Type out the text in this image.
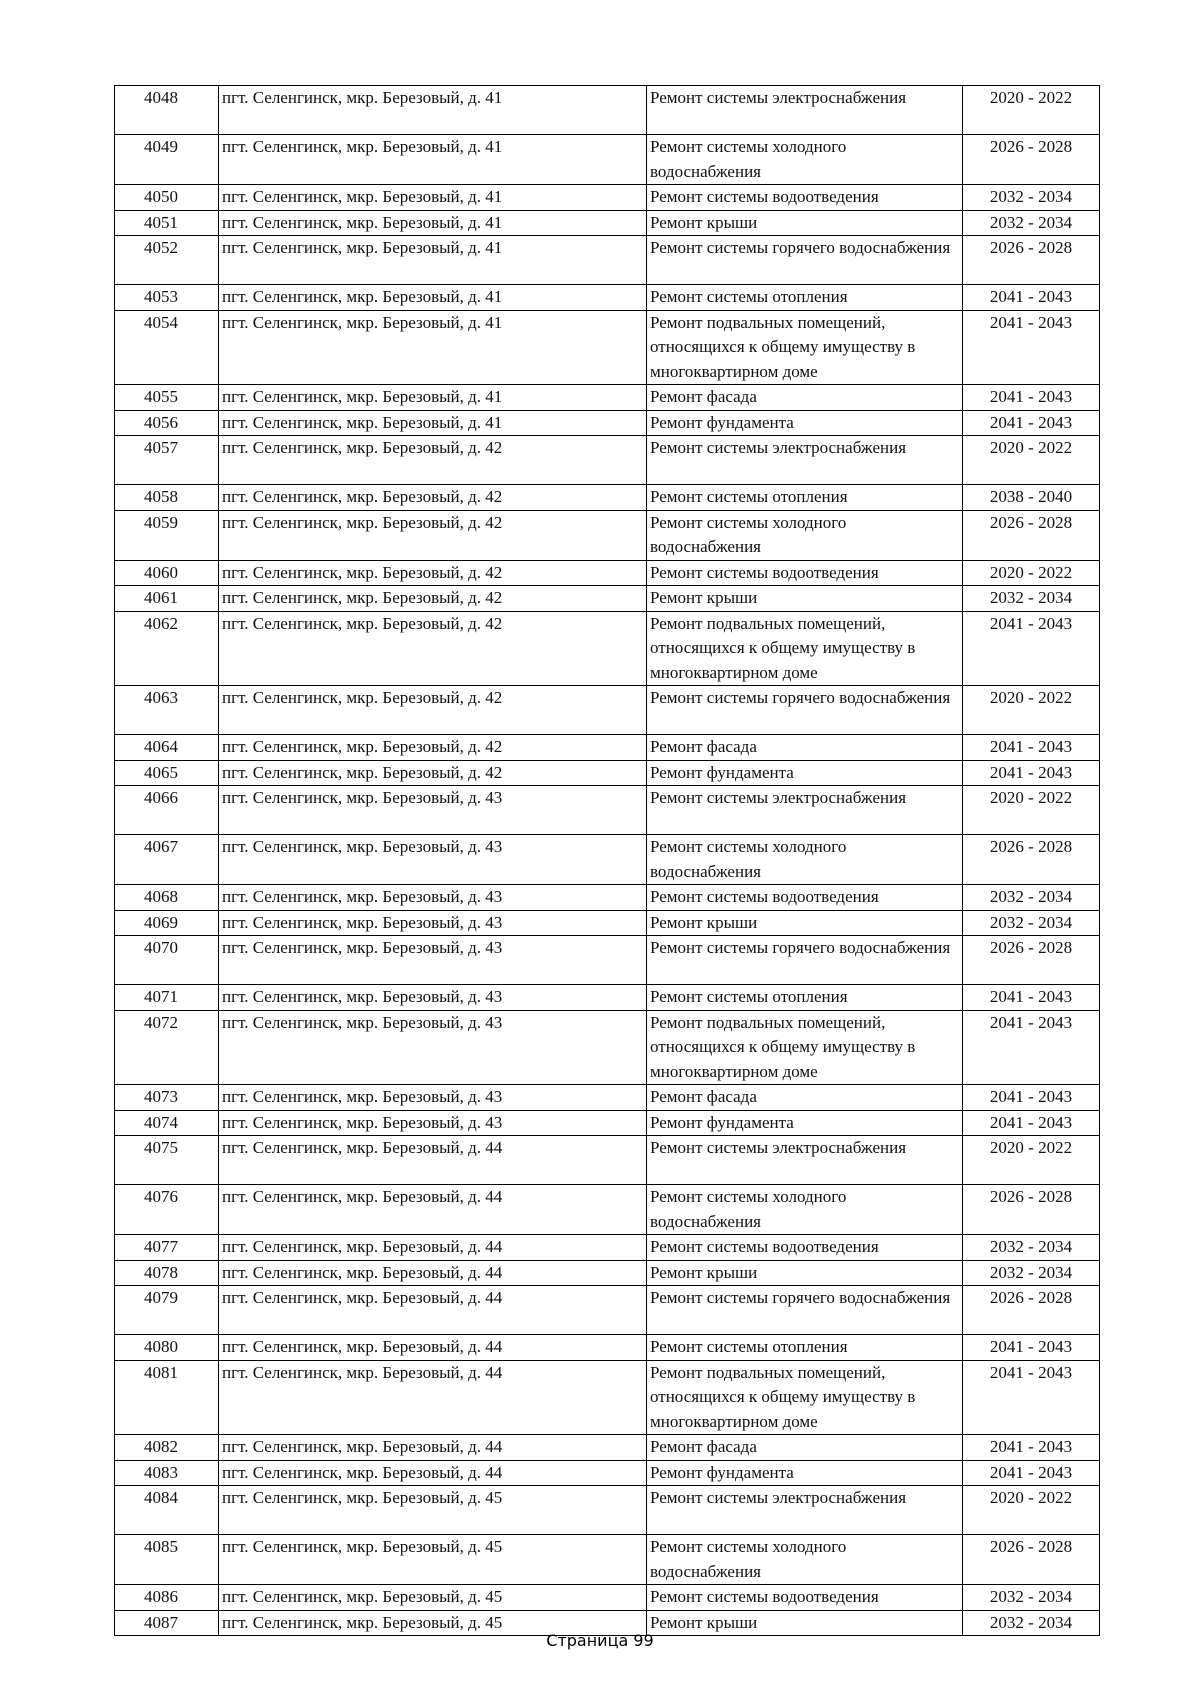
4048	пгт. Селенгинск, мкр. Березовый, д. 41	Ремонт системы электроснабжения	2020 - 2022
4049	пгт. Селенгинск, мкр. Березовый, д. 41	Ремонт системы холодного водоснабжения	2026 - 2028
4050	пгт. Селенгинск, мкр. Березовый, д. 41	Ремонт системы водоотведения	2032 - 2034
4051	пгт. Селенгинск, мкр. Березовый, д. 41	Ремонт крыши	2032 - 2034
4052	пгт. Селенгинск, мкр. Березовый, д. 41	Ремонт системы горячего водоснабжения	2026 - 2028
4053	пгт. Селенгинск, мкр. Березовый, д. 41	Ремонт системы отопления	2041 - 2043
4054	пгт. Селенгинск, мкр. Березовый, д. 41	Ремонт подвальных помещений, относящихся к общему имуществу в многоквартирном доме	2041 - 2043
4055	пгт. Селенгинск, мкр. Березовый, д. 41	Ремонт фасада	2041 - 2043
4056	пгт. Селенгинск, мкр. Березовый, д. 41	Ремонт фундамента	2041 - 2043
4057	пгт. Селенгинск, мкр. Березовый, д. 42	Ремонт системы электроснабжения	2020 - 2022
4058	пгт. Селенгинск, мкр. Березовый, д. 42	Ремонт системы отопления	2038 - 2040
4059	пгт. Селенгинск, мкр. Березовый, д. 42	Ремонт системы холодного водоснабжения	2026 - 2028
4060	пгт. Селенгинск, мкр. Березовый, д. 42	Ремонт системы водоотведения	2020 - 2022
4061	пгт. Селенгинск, мкр. Березовый, д. 42	Ремонт крыши	2032 - 2034
4062	пгт. Селенгинск, мкр. Березовый, д. 42	Ремонт подвальных помещений, относящихся к общему имуществу в многоквартирном доме	2041 - 2043
4063	пгт. Селенгинск, мкр. Березовый, д. 42	Ремонт системы горячего водоснабжения	2020 - 2022
4064	пгт. Селенгинск, мкр. Березовый, д. 42	Ремонт фасада	2041 - 2043
4065	пгт. Селенгинск, мкр. Березовый, д. 42	Ремонт фундамента	2041 - 2043
4066	пгт. Селенгинск, мкр. Березовый, д. 43	Ремонт системы электроснабжения	2020 - 2022
4067	пгт. Селенгинск, мкр. Березовый, д. 43	Ремонт системы холодного водоснабжения	2026 - 2028
4068	пгт. Селенгинск, мкр. Березовый, д. 43	Ремонт системы водоотведения	2032 - 2034
4069	пгт. Селенгинск, мкр. Березовый, д. 43	Ремонт крыши	2032 - 2034
4070	пгт. Селенгинск, мкр. Березовый, д. 43	Ремонт системы горячего водоснабжения	2026 - 2028
4071	пгт. Селенгинск, мкр. Березовый, д. 43	Ремонт системы отопления	2041 - 2043
4072	пгт. Селенгинск, мкр. Березовый, д. 43	Ремонт подвальных помещений, относящихся к общему имуществу в многоквартирном доме	2041 - 2043
4073	пгт. Селенгинск, мкр. Березовый, д. 43	Ремонт фасада	2041 - 2043
4074	пгт. Селенгинск, мкр. Березовый, д. 43	Ремонт фундамента	2041 - 2043
4075	пгт. Селенгинск, мкр. Березовый, д. 44	Ремонт системы электроснабжения	2020 - 2022
4076	пгт. Селенгинск, мкр. Березовый, д. 44	Ремонт системы холодного водоснабжения	2026 - 2028
4077	пгт. Селенгинск, мкр. Березовый, д. 44	Ремонт системы водоотведения	2032 - 2034
4078	пгт. Селенгинск, мкр. Березовый, д. 44	Ремонт крыши	2032 - 2034
4079	пгт. Селенгинск, мкр. Березовый, д. 44	Ремонт системы горячего водоснабжения	2026 - 2028
4080	пгт. Селенгинск, мкр. Березовый, д. 44	Ремонт системы отопления	2041 - 2043
4081	пгт. Селенгинск, мкр. Березовый, д. 44	Ремонт подвальных помещений, относящихся к общему имуществу в многоквартирном доме	2041 - 2043
4082	пгт. Селенгинск, мкр. Березовый, д. 44	Ремонт фасада	2041 - 2043
4083	пгт. Селенгинск, мкр. Березовый, д. 44	Ремонт фундамента	2041 - 2043
4084	пгт. Селенгинск, мкр. Березовый, д. 45	Ремонт системы электроснабжения	2020 - 2022
4085	пгт. Селенгинск, мкр. Березовый, д. 45	Ремонт системы холодного водоснабжения	2026 - 2028
4086	пгт. Селенгинск, мкр. Березовый, д. 45	Ремонт системы водоотведения	2032 - 2034
4087	пгт. Селенгинск, мкр. Березовый, д. 45	Ремонт крыши	2032 - 2034
Страница 99
